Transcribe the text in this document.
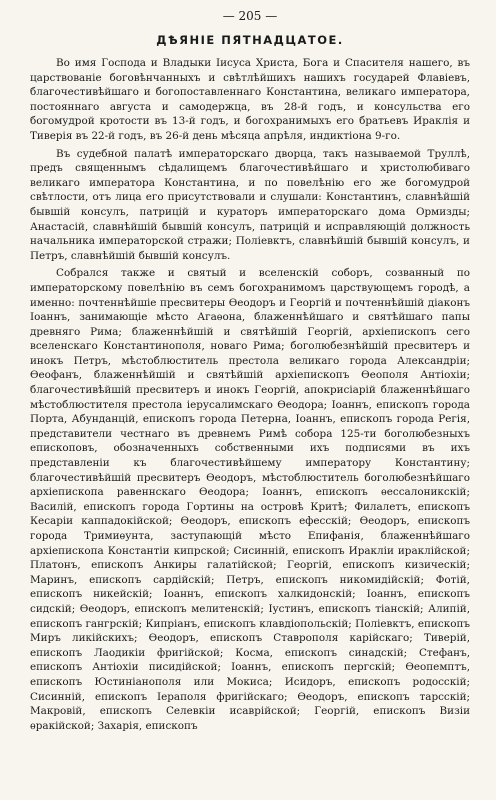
— 205 —
ДѢЯНІЕ ПЯТНАДЦАТОЕ.

Во имя Господа и Владыки Іисуса Христа, Бога и Спасителя нашего, въ царствованіе боговѣнчанныхъ и свѣтлѣйшихъ нашихъ государей Флавіевъ, благочестивѣйшаго и богопоставленнаго Константина, великаго императора, постояннаго августа и самодержца, въ 28-й годъ, и консульства его богомудрой кротости въ 13-й годъ, и богохранимыхъ его братьевъ Ираклія и Тиверія въ 22-й годъ, въ 26-й день мѣсяца апрѣля, индиктіона 9-го.

Въ судебной палатѣ императорскаго дворца, такъ называемой Труллѣ, предъ священнымъ сѣдалищемъ благочестивѣйшаго и христолюбиваго великаго императора Константина, и по повелѣнію его же богомудрой свѣтлости, отъ лица его присутствовали и слушали: Константинъ, славнѣйшій бывшій консулъ, патрицій и кураторъ императорскаго дома Ормизды; Анастасій, славнѣйшій бывшій консулъ, патрицій и исправляющій должность начальника императорской стражи; Поліевктъ, славнѣйшій бывшій консулъ, и Петръ, славнѣйшій бывшій консулъ.

Собрался также и святый и вселенскій соборъ, созванный по императорскому повелѣнію въ семъ богохранимомъ царствующемъ городѣ, а именно: почтеннѣйшіе пресвитеры Ѳеодоръ и Георгій и почтеннѣйшій діаконъ Іоаннъ, занимающіе мѣсто Агаѳона, блаженнѣйшаго и святѣйшаго папы древняго Рима; блаженнѣйшій и святѣйшій Георгій, архіепископъ сего вселенскаго Константинополя, новаго Рима; боголюбезнѣйшій пресвитеръ и инокъ Петръ, мѣстоблюститель престола великаго города Александріи; Ѳеофанъ, блаженнѣйшій и святѣйшій архіепископъ Ѳеополя Антіохіи; благочестивѣйшій пресвитеръ и инокъ Георгій, апокрисіарій блаженнѣйшаго мѣстоблюстителя престола іерусалимскаго Ѳеодора; Іоаннъ, епископъ города Порта, Абунданцій, епископъ города Петерна, Іоаннъ, епископъ города Регія, представители честнаго въ древнемъ Римѣ собора 125-ти боголюбезныхъ епископовъ, обозначенныхъ собственными ихъ подписями въ ихъ представленіи къ благочестивѣйшему императору Константину; благочестивѣйшій пресвитеръ Ѳеодоръ, мѣстоблюститель боголюбезнѣйшаго архіепископа равеннскаго Ѳеодора; Іоаннъ, епископъ ѳессалоникскій; Василій, епископъ города Гортины на островѣ Критѣ; Филалетъ, епископъ Кесаріи каппадокійской; Ѳеодоръ, епископъ ефесскій; Ѳеодоръ, епископъ города Тримиѳунта, заступающій мѣсто Епифанія, блаженнѣйшаго архіепископа Константіи кипрской; Сисиннiй, епископъ Ираклiи ираклійской; Платонъ, епископъ Анкиры галатійской; Георгій, епископъ кизическій; Маринъ, епископъ сардійскій; Петръ, епископъ никомидійскій; Фотій, епископъ никейскій; Іоаннъ, епископъ халкидонскій; Іоаннъ, епископъ сидскій; Ѳеодоръ, епископъ мелитенскій; Іустинъ, епископъ тіанскій; Алипій, епископъ гангрскій; Кипріанъ, епископъ клавдіопольскій; Поліевктъ, епископъ Миръ ликійскихъ; Ѳеодоръ, епископъ Ставрополя карійскаго; Тиверій, епископъ Лаодикіи фригійской; Косма, епископъ синадскій; Стефанъ, епископъ Антіохіи писидійской; Іоаннъ, епископъ пергскій; Ѳеопемптъ, епископъ Юстиніанополя или Мокиса; Исидоръ, епископъ родосскій; Сисиннiй, епископъ Іераполя фригійскаго; Ѳеодоръ, епископъ тарсскій; Макровій, епископъ Селевкіи исаврійской; Георгій, епископъ Визіи ѳракійской; Захарія, епископъ
